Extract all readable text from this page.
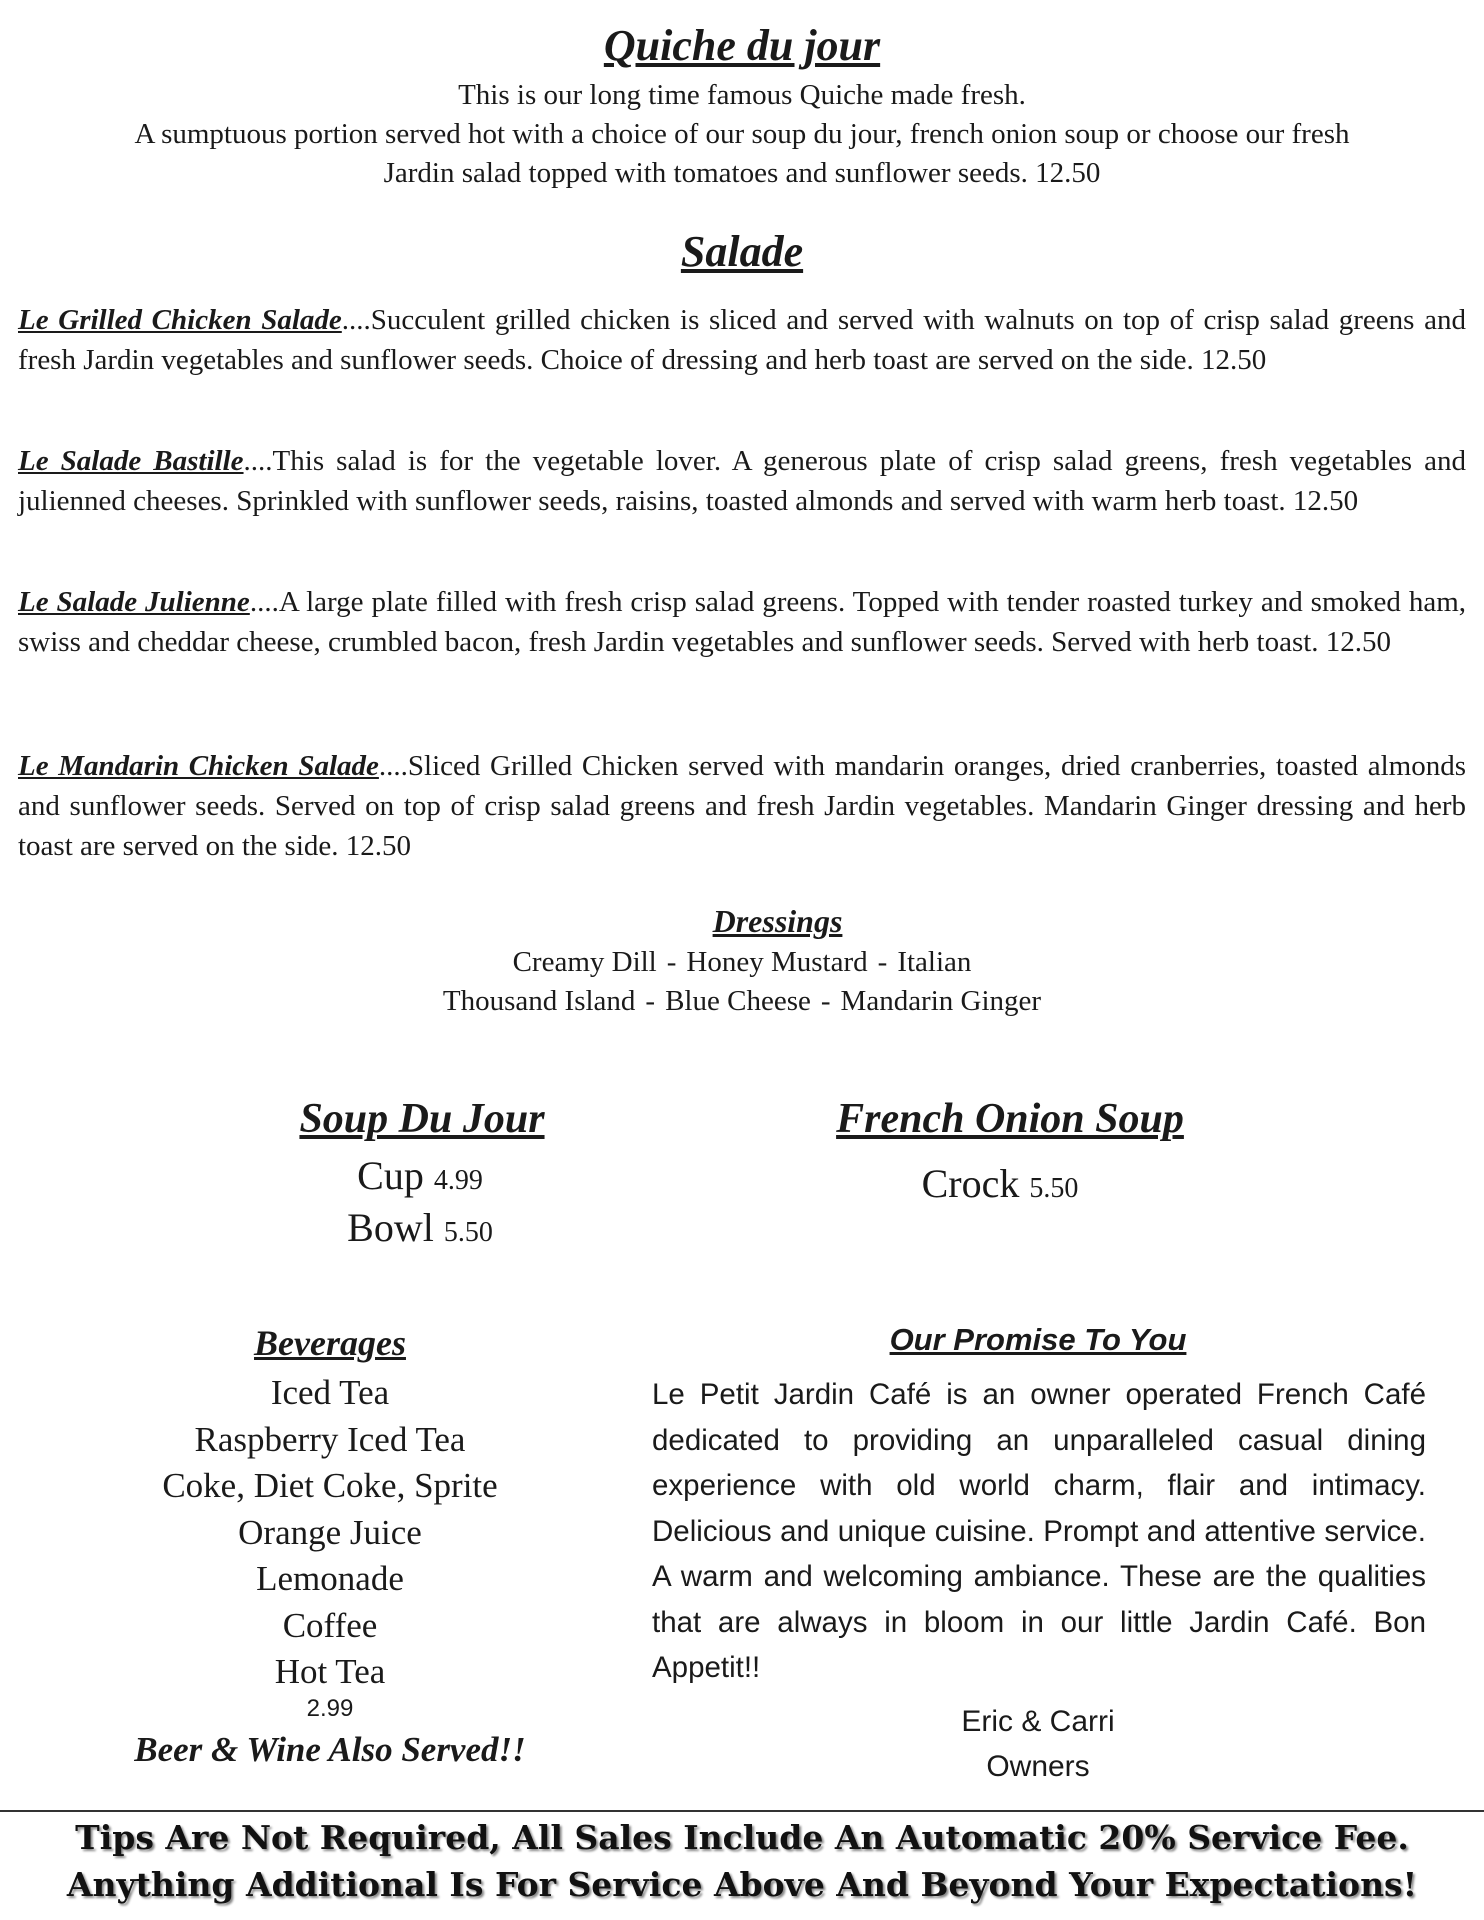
Quiche du jour
This is our long time famous Quiche made fresh.
A sumptuous portion served hot with a choice of our soup du jour, french onion soup or choose our fresh
Jardin salad topped with tomatoes and sunflower seeds. 12.50
Salade

Le Grilled Chicken Salade....Succulent grilled chicken is sliced and served with walnuts on top of crisp salad greens and fresh Jardin vegetables and sunflower seeds. Choice of dressing and herb toast are served on the side. 12.50

Le Salade Bastille....This salad is for the vegetable lover. A generous plate of crisp salad greens, fresh vegetables and julienned cheeses. Sprinkled with sunflower seeds, raisins, toasted almonds and served with warm herb toast. 12.50

Le Salade Julienne....A large plate filled with fresh crisp salad greens. Topped with tender roasted turkey and smoked ham, swiss and cheddar cheese, crumbled bacon, fresh Jardin vegetables and sunflower seeds. Served with herb toast. 12.50

Le Mandarin Chicken Salade....Sliced Grilled Chicken served with mandarin oranges, dried cranberries, toasted almonds and sunflower seeds. Served on top of crisp salad greens and fresh Jardin vegetables. Mandarin Ginger dressing and herb toast are served on the side. 12.50

Dressings
Creamy Dill - Honey Mustard - Italian
Thousand Island - Blue Cheese - Mandarin Ginger
Soup Du Jour
Cup 4.99
Bowl 5.50
French Onion Soup
Crock 5.50
Beverages
Iced Tea
Raspberry Iced Tea
Coke, Diet Coke, Sprite
Orange Juice
Lemonade
Coffee
Hot Tea
2.99
Beer & Wine Also Served!!
Our Promise To You
Le Petit Jardin Café is an owner operated French Café dedicated to providing an unparalleled casual dining experience with old world charm, flair and intimacy. Delicious and unique cuisine. Prompt and attentive service. A warm and welcoming ambiance. These are the qualities that are always in bloom in our little Jardin Café. Bon Appetit!!
Eric & Carri
Owners
Tips Are Not Required, All Sales Include An Automatic 20% Service Fee.
Anything Additional Is For Service Above And Beyond Your Expectations!
